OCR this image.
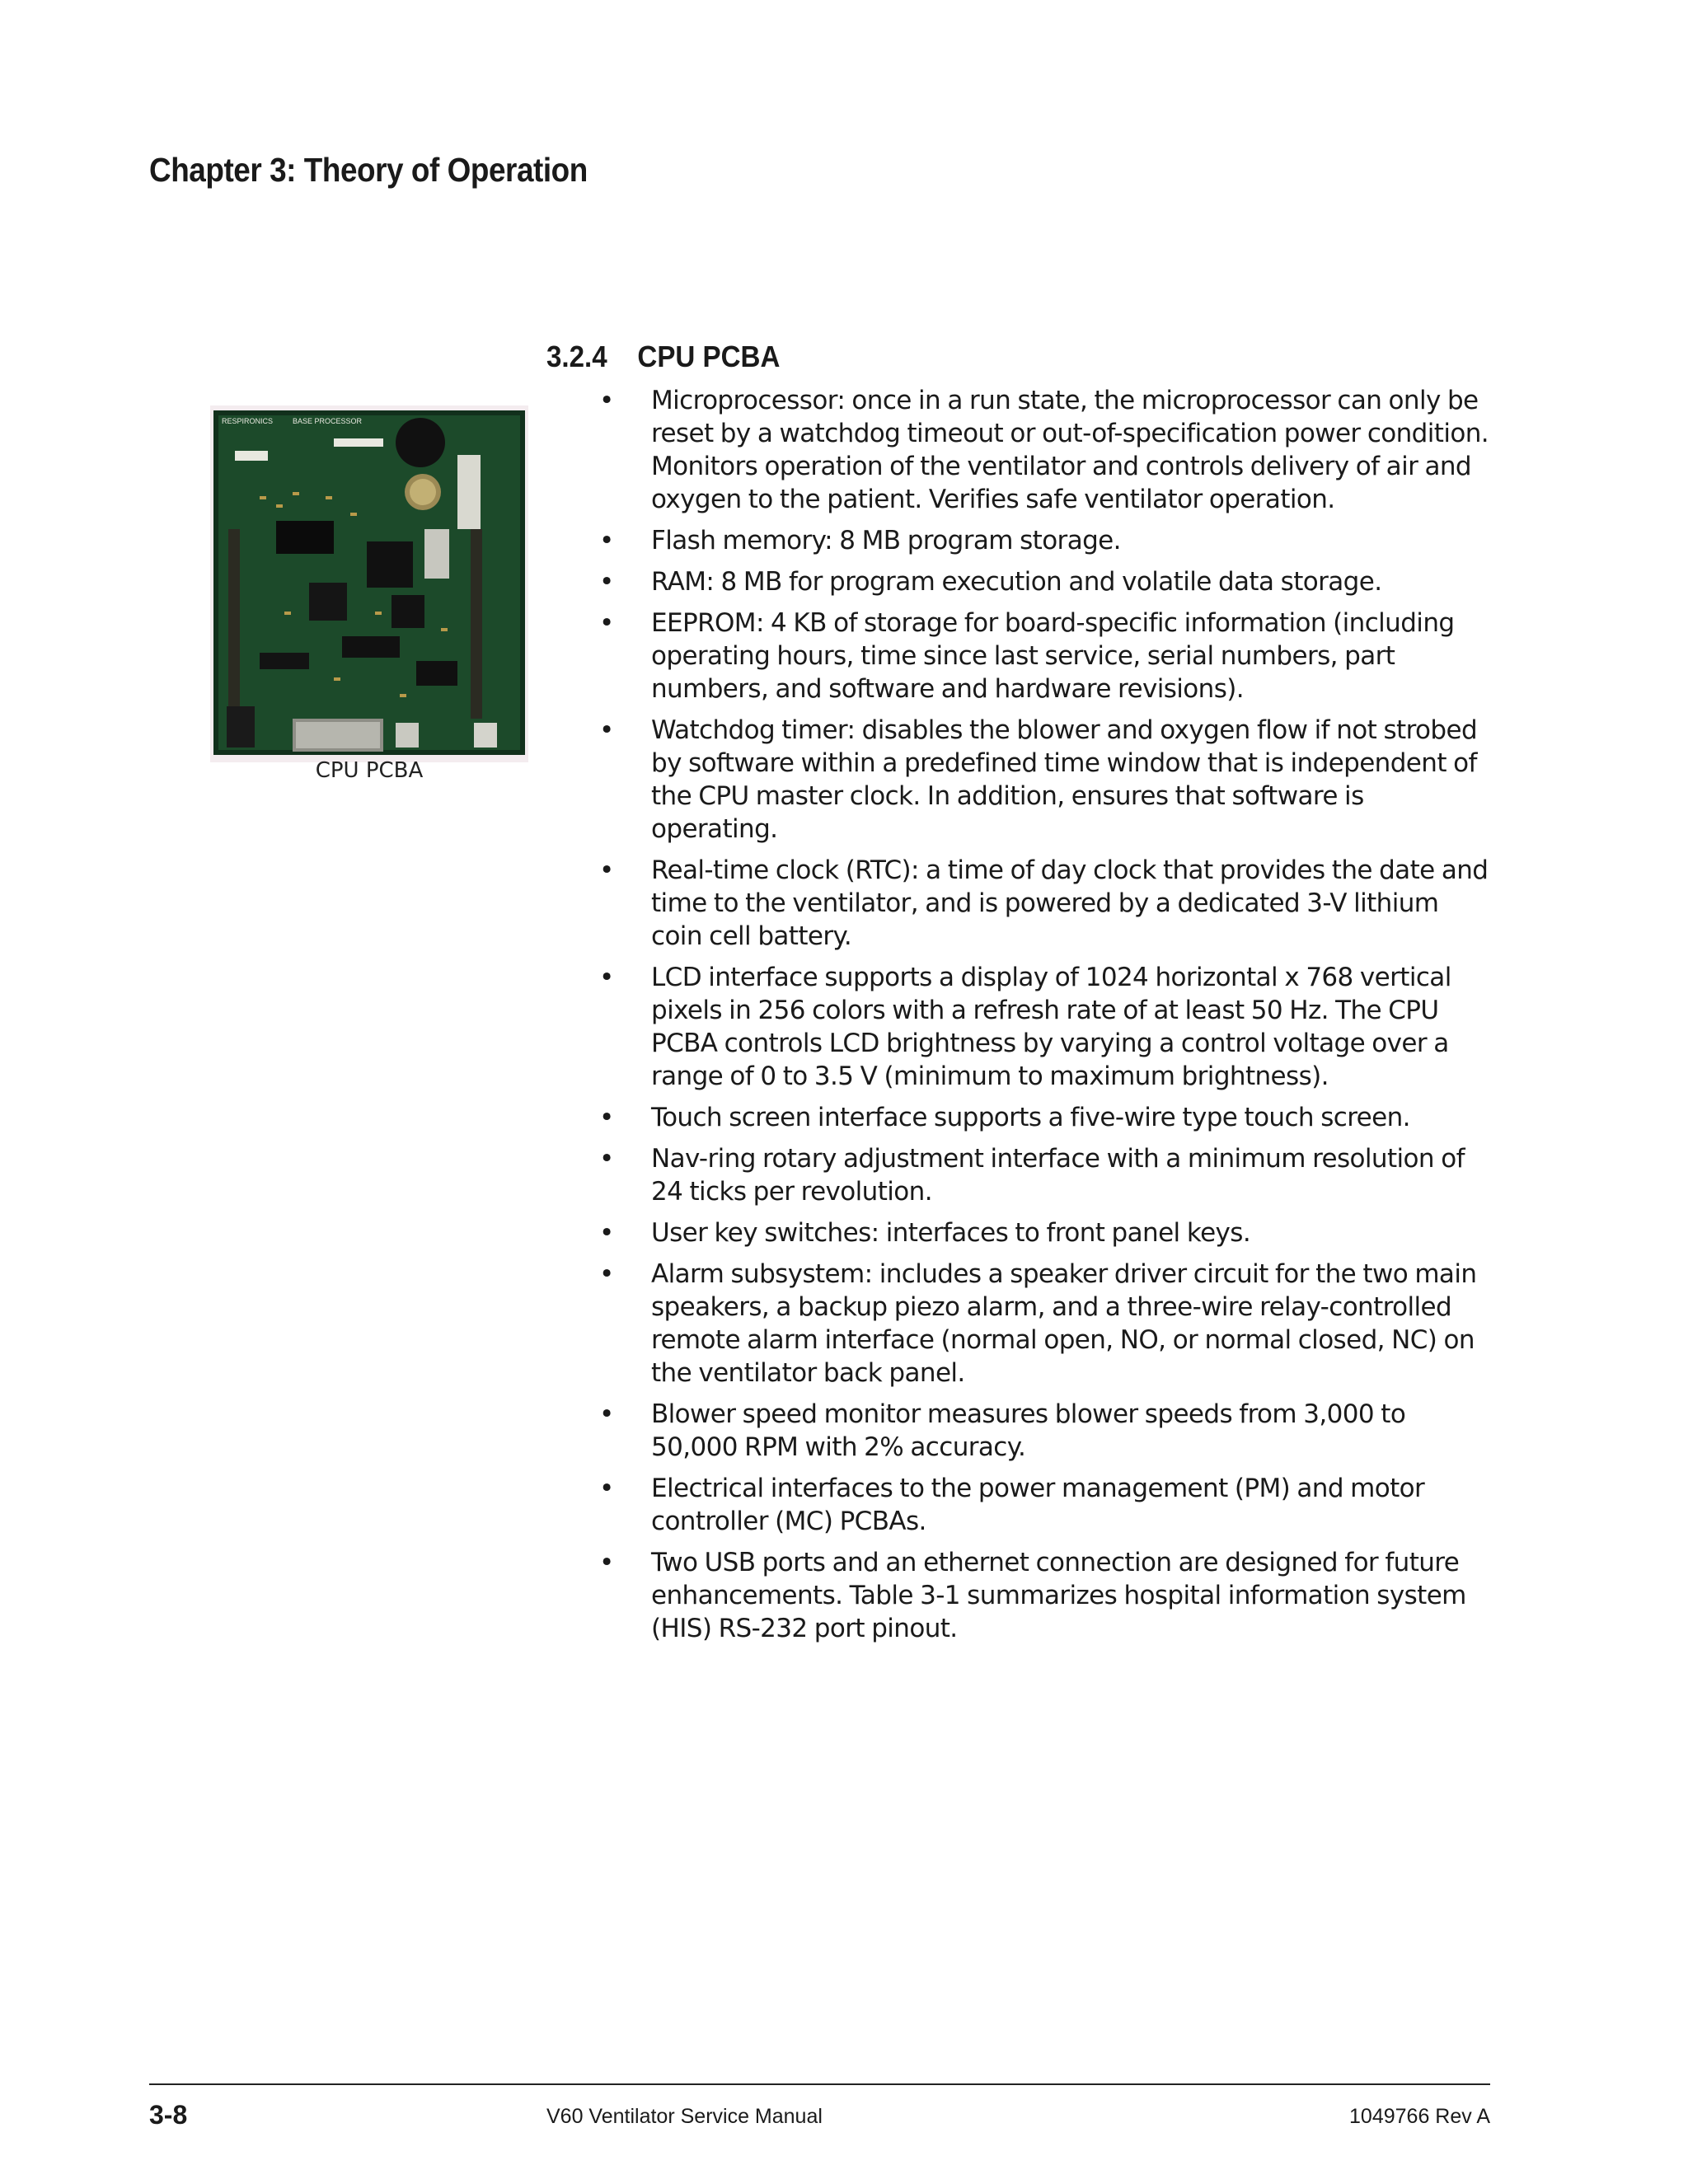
Chapter 3: Theory of Operation
RESPIRONICS	BASE PROCESSOR
CPU PCBA
3.2.4 CPU PCBA
• Microprocessor: once in a run state, the microprocessor can only be reset by a watchdog timeout or out-of-specification power condition. Monitors operation of the ventilator and controls delivery of air and oxygen to the patient. Verifies safe ventilator operation.
• Flash memory: 8 MB program storage.
• RAM: 8 MB for program execution and volatile data storage.
• EEPROM: 4 KB of storage for board-specific information (including operating hours, time since last service, serial numbers, part numbers, and software and hardware revisions).
• Watchdog timer: disables the blower and oxygen flow if not strobed by software within a predefined time window that is independent of the CPU master clock. In addition, ensures that software is operating.
• Real-time clock (RTC): a time of day clock that provides the date and time to the ventilator, and is powered by a dedicated 3-V lithium coin cell battery.
• LCD interface supports a display of 1024 horizontal x 768 vertical pixels in 256 colors with a refresh rate of at least 50 Hz. The CPU PCBA controls LCD brightness by varying a control voltage over a range of 0 to 3.5 V (minimum to maximum brightness).
• Touch screen interface supports a five-wire type touch screen.
• Nav-ring rotary adjustment interface with a minimum resolution of 24 ticks per revolution.
• User key switches: interfaces to front panel keys.
• Alarm subsystem: includes a speaker driver circuit for the two main speakers, a backup piezo alarm, and a three-wire relay-controlled remote alarm interface (normal open, NO, or normal closed, NC) on the ventilator back panel.
• Blower speed monitor measures blower speeds from 3,000 to 50,000 RPM with 2% accuracy.
• Electrical interfaces to the power management (PM) and motor controller (MC) PCBAs.
• Two USB ports and an ethernet connection are designed for future enhancements. Table 3-1 summarizes hospital information system (HIS) RS-232 port pinout.
3-8	V60 Ventilator Service Manual	1049766 Rev A
